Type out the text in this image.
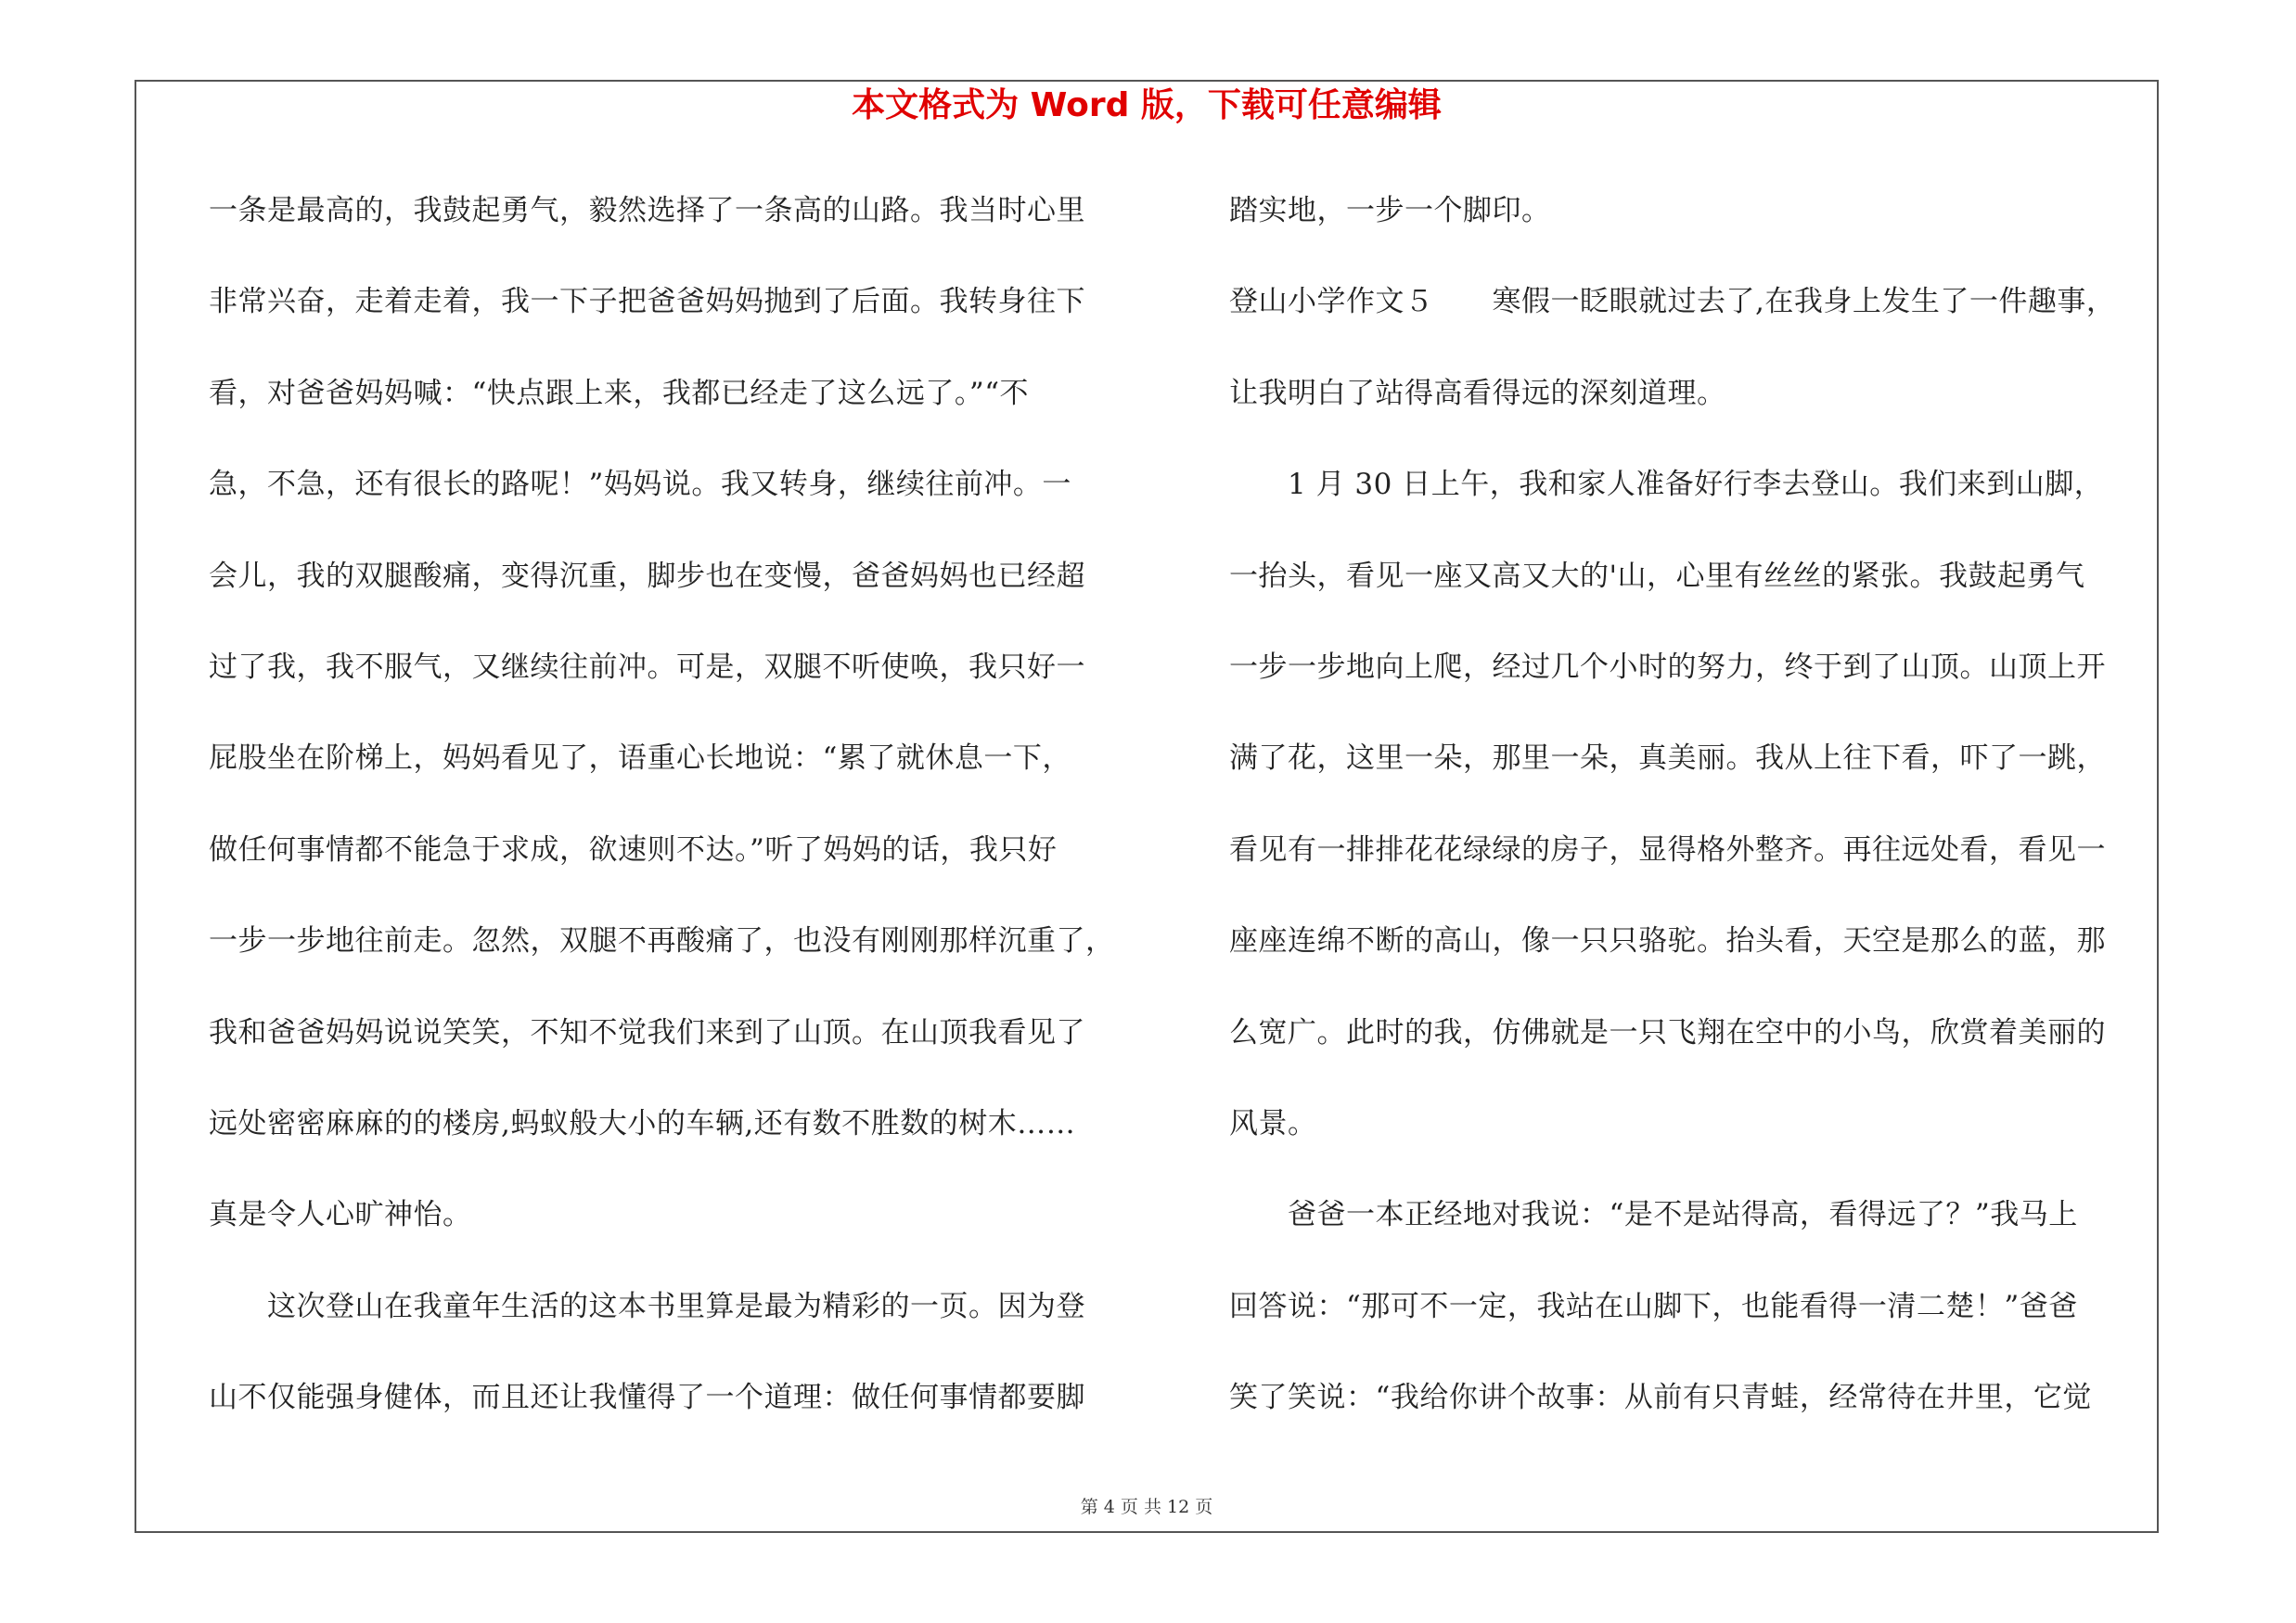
本文格式为 Word 版，下载可任意编辑
一条是最高的，我鼓起勇气，毅然选择了一条高的山路。我当时心里
非常兴奋，走着走着，我一下子把爸爸妈妈抛到了后面。我转身往下
看，对爸爸妈妈喊：“快点跟上来，我都已经走了这么远了。”“不
急，不急，还有很长的路呢！”妈妈说。我又转身，继续往前冲。一
会儿，我的双腿酸痛，变得沉重，脚步也在变慢，爸爸妈妈也已经超
过了我，我不服气，又继续往前冲。可是，双腿不听使唤，我只好一
屁股坐在阶梯上，妈妈看见了，语重心长地说：“累了就休息一下，
做任何事情都不能急于求成，欲速则不达。”听了妈妈的话，我只好
一步一步地往前走。忽然，双腿不再酸痛了，也没有刚刚那样沉重了，
我和爸爸妈妈说说笑笑，不知不觉我们来到了山顶。在山顶我看见了
远处密密麻麻的的楼房,蚂蚁般大小的车辆,还有数不胜数的树木……
真是令人心旷神怡。
　　这次登山在我童年生活的这本书里算是最为精彩的一页。因为登
山不仅能强身健体，而且还让我懂得了一个道理：做任何事情都要脚
踏实地，一步一个脚印。
登山小学作文５　　寒假一眨眼就过去了,在我身上发生了一件趣事，
让我明白了站得高看得远的深刻道理。
　　1 月 30 日上午，我和家人准备好行李去登山。我们来到山脚，
一抬头，看见一座又高又大的'山，心里有丝丝的紧张。我鼓起勇气
一步一步地向上爬，经过几个小时的努力，终于到了山顶。山顶上开
满了花，这里一朵，那里一朵，真美丽。我从上往下看，吓了一跳，
看见有一排排花花绿绿的房子，显得格外整齐。再往远处看，看见一
座座连绵不断的高山，像一只只骆驼。抬头看，天空是那么的蓝，那
么宽广。此时的我，仿佛就是一只飞翔在空中的小鸟，欣赏着美丽的
风景。
　　爸爸一本正经地对我说：“是不是站得高，看得远了？”我马上
回答说：“那可不一定，我站在山脚下，也能看得一清二楚！”爸爸
笑了笑说：“我给你讲个故事：从前有只青蛙，经常待在井里，它觉
第 4 页 共 12 页
